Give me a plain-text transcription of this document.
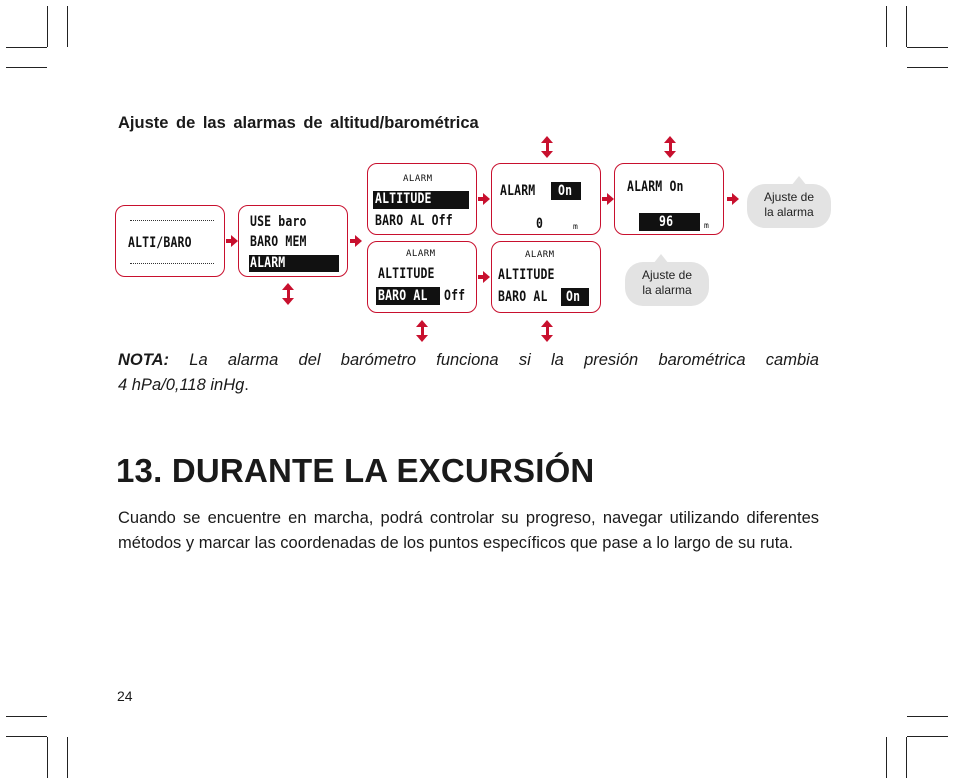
Ajuste de las alarmas de altitud/barométrica
ALTI/BARO
USE baro
BARO MEM
ALARM
ALARM
ALTITUDE
BARO AL Off
ALARM
ALTITUDE
BARO AL Off
ALARM On
0	m
ALARM
ALTITUDE
BARO AL On
ALARM On
96	m
Ajuste de
la alarma
Ajuste de
la alarma

NOTA: La alarma del barómetro funciona si la presión barométrica cambia

4 hPa/0,118 inHg.

13. DURANTE LA EXCURSIÓN

Cuando se encuentre en marcha, podrá controlar su progreso, navegar utilizando diferentes métodos y marcar las coordenadas de los puntos específicos que pase a lo largo de su ruta.

24
